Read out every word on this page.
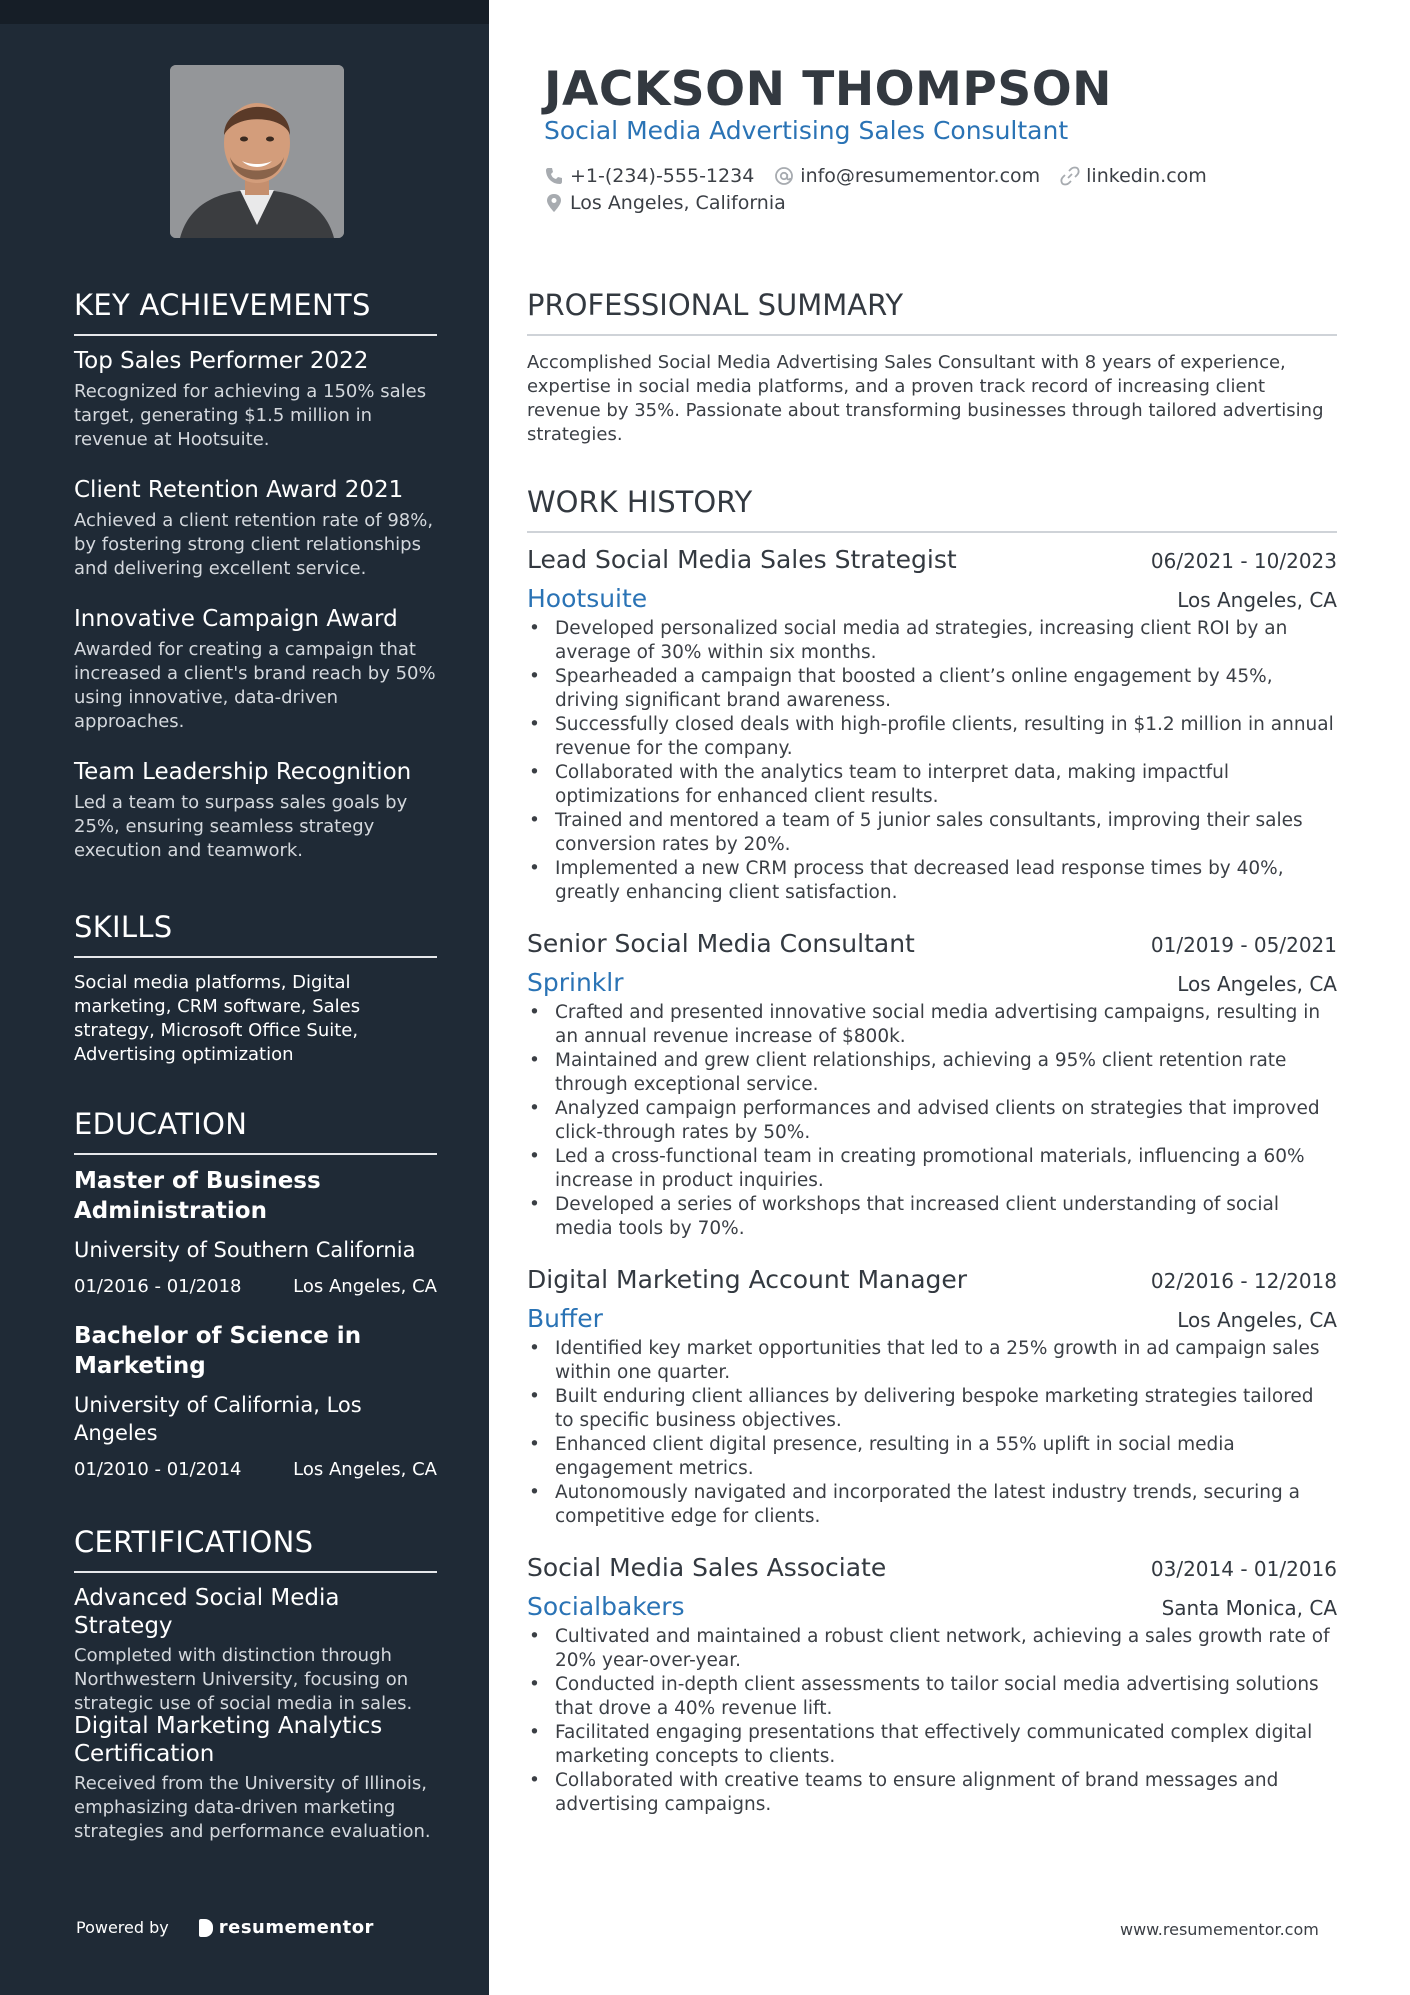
KEY ACHIEVEMENTS
Top Sales Performer 2022
Recognized for achieving a 150% sales target, generating $1.5 million in revenue at Hootsuite.
Client Retention Award 2021
Achieved a client retention rate of 98%, by fostering strong client relationships and delivering excellent service.
Innovative Campaign Award
Awarded for creating a campaign that increased a client's brand reach by 50% using innovative, data-driven approaches.
Team Leadership Recognition
Led a team to surpass sales goals by 25%, ensuring seamless strategy execution and teamwork.
SKILLS
Social media platforms, Digital marketing, CRM software, Sales strategy, Microsoft Office Suite, Advertising optimization
EDUCATION
Master of Business Administration
University of Southern California
01/2016 - 01/2018	Los Angeles, CA
Bachelor of Science in Marketing
University of California, Los Angeles
01/2010 - 01/2014	Los Angeles, CA
CERTIFICATIONS
Advanced Social Media Strategy
Completed with distinction through Northwestern University, focusing on strategic use of social media in sales.
Digital Marketing Analytics Certification
Received from the University of Illinois, emphasizing data-driven marketing strategies and performance evaluation.
Powered by	resumementor
JACKSON THOMPSON
Social Media Advertising Sales Consultant
+1-(234)-555-1234 info@resumementor.com linkedin.com
Los Angeles, California
PROFESSIONAL SUMMARY
Accomplished Social Media Advertising Sales Consultant with 8 years of experience, expertise in social media platforms, and a proven track record of increasing client revenue by 35%. Passionate about transforming businesses through tailored advertising strategies.
WORK HISTORY
Lead Social Media Sales Strategist	06/2021 - 10/2023
Hootsuite	Los Angeles, CA
• Developed personalized social media ad strategies, increasing client ROI by an average of 30% within six months.
• Spearheaded a campaign that boosted a client’s online engagement by 45%, driving significant brand awareness.
• Successfully closed deals with high-profile clients, resulting in $1.2 million in annual revenue for the company.
• Collaborated with the analytics team to interpret data, making impactful optimizations for enhanced client results.
• Trained and mentored a team of 5 junior sales consultants, improving their sales conversion rates by 20%.
• Implemented a new CRM process that decreased lead response times by 40%, greatly enhancing client satisfaction.
Senior Social Media Consultant	01/2019 - 05/2021
Sprinklr	Los Angeles, CA
• Crafted and presented innovative social media advertising campaigns, resulting in an annual revenue increase of $800k.
• Maintained and grew client relationships, achieving a 95% client retention rate through exceptional service.
• Analyzed campaign performances and advised clients on strategies that improved click-through rates by 50%.
• Led a cross-functional team in creating promotional materials, influencing a 60% increase in product inquiries.
• Developed a series of workshops that increased client understanding of social media tools by 70%.
Digital Marketing Account Manager	02/2016 - 12/2018
Buffer	Los Angeles, CA
• Identified key market opportunities that led to a 25% growth in ad campaign sales within one quarter.
• Built enduring client alliances by delivering bespoke marketing strategies tailored to specific business objectives.
• Enhanced client digital presence, resulting in a 55% uplift in social media engagement metrics.
• Autonomously navigated and incorporated the latest industry trends, securing a competitive edge for clients.
Social Media Sales Associate	03/2014 - 01/2016
Socialbakers	Santa Monica, CA
• Cultivated and maintained a robust client network, achieving a sales growth rate of 20% year-over-year.
• Conducted in-depth client assessments to tailor social media advertising solutions that drove a 40% revenue lift.
• Facilitated engaging presentations that effectively communicated complex digital marketing concepts to clients.
• Collaborated with creative teams to ensure alignment of brand messages and advertising campaigns.
www.resumementor.com
